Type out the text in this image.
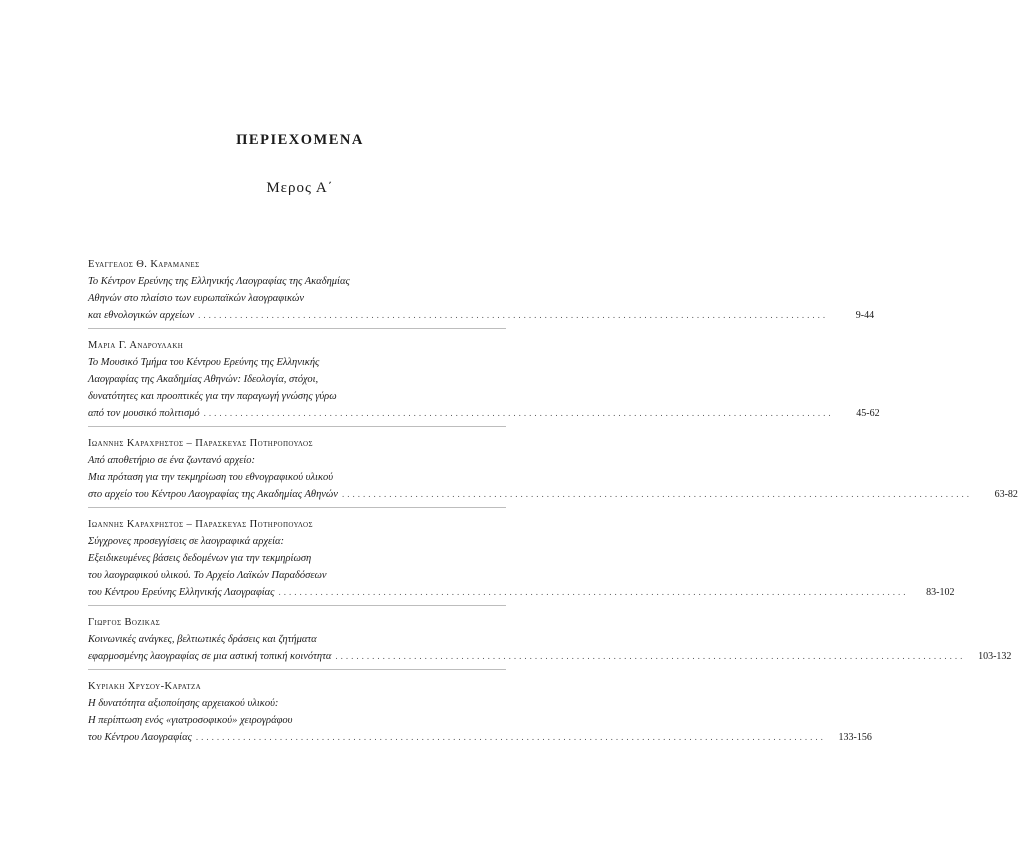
ΠΕΡΙΕΧΟΜΕΝΑ
Μερος Α΄
Ευαγγελος Θ. Καραμανες
Το Κέντρον Ερεύνης της Ελληνικής Λαογραφίας της Ακαδημίας
Αθηνών στο πλαίσιο των ευρωπαϊκών λαογραφικών
και εθνολογικών αρχείων ........................................................................................................................	9-44
Μαρια Γ. Ανδρουλακη
Το Μουσικό Τμήμα του Κέντρου Ερεύνης της Ελληνικής
Λαογραφίας της Ακαδημίας Αθηνών: Ιδεολογία, στόχοι,
δυνατότητες και προοπτικές για την παραγωγή γνώσης γύρω
από τον μουσικό πολιτισμό ........................................................................................................................	45-62
Ιωαννης Καραχρηστος – Παρασκευας Ποτηροπουλος
Από αποθετήριο σε ένα ζωντανό αρχείο:
Μια πρόταση για την τεκμηρίωση του εθνογραφικού υλικού
στο αρχείο του Κέντρου Λαογραφίας της Ακαδημίας Αθηνών ........................................................................................................................	63-82
Ιωαννης Καραχρηστος – Παρασκευας Ποτηροπουλος
Σύγχρονες προσεγγίσεις σε λαογραφικά αρχεία:
Εξειδικευμένες βάσεις δεδομένων για την τεκμηρίωση
του λαογραφικού υλικού. Το Αρχείο Λαϊκών Παραδόσεων
του Κέντρου Ερεύνης Ελληνικής Λαογραφίας ........................................................................................................................	83-102
Γιωργος Βοζικας
Κοινωνικές ανάγκες, βελτιωτικές δράσεις και ζητήματα
εφαρμοσμένης λαογραφίας σε μια αστική τοπική κοινότητα ........................................................................................................................	103-132
Κυριακη Χρυσου-Καρατζα
Η δυνατότητα αξιοποίησης αρχειακού υλικού:
Η περίπτωση ενός «γιατροσοφικού» χειρογράφου
του Κέντρου Λαογραφίας ........................................................................................................................	133-156
